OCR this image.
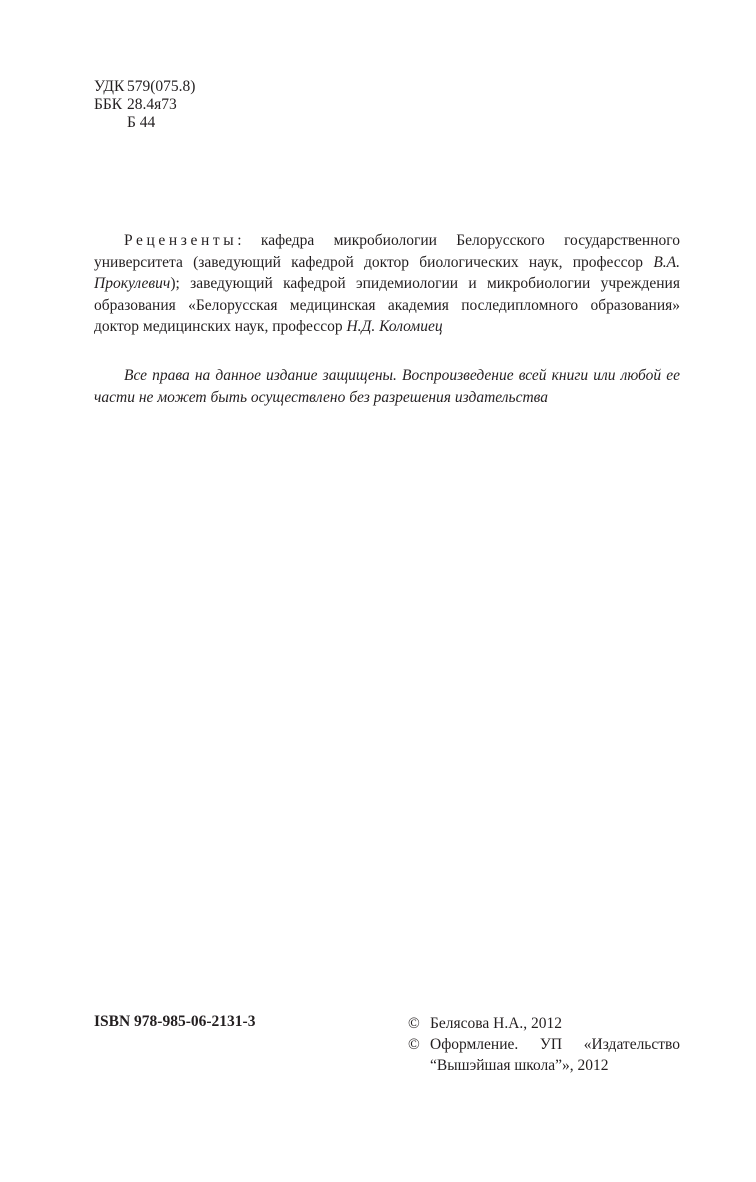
УДК 579(075.8)
ББК 28.4я73
Б 44

Рецензенты: кафедра микробиологии Белорусского государственного университета (заведующий кафедрой доктор биологических наук, профессор В.А. Прокулевич); заведующий кафедрой эпидемиологии и микробиологии учреждения образования «Белорусская медицинская академия последипломного образования» доктор медицинских наук, профессор Н.Д. Коломиец

Все права на данное издание защищены. Воспроизведение всей книги или любой ее части не может быть осуществлено без разрешения издательства

ISBN 978-985-06-2131-3	© Белясова Н.А., 2012
© Оформление. УП «Издательство
“Вышэйшая школа”», 2012
